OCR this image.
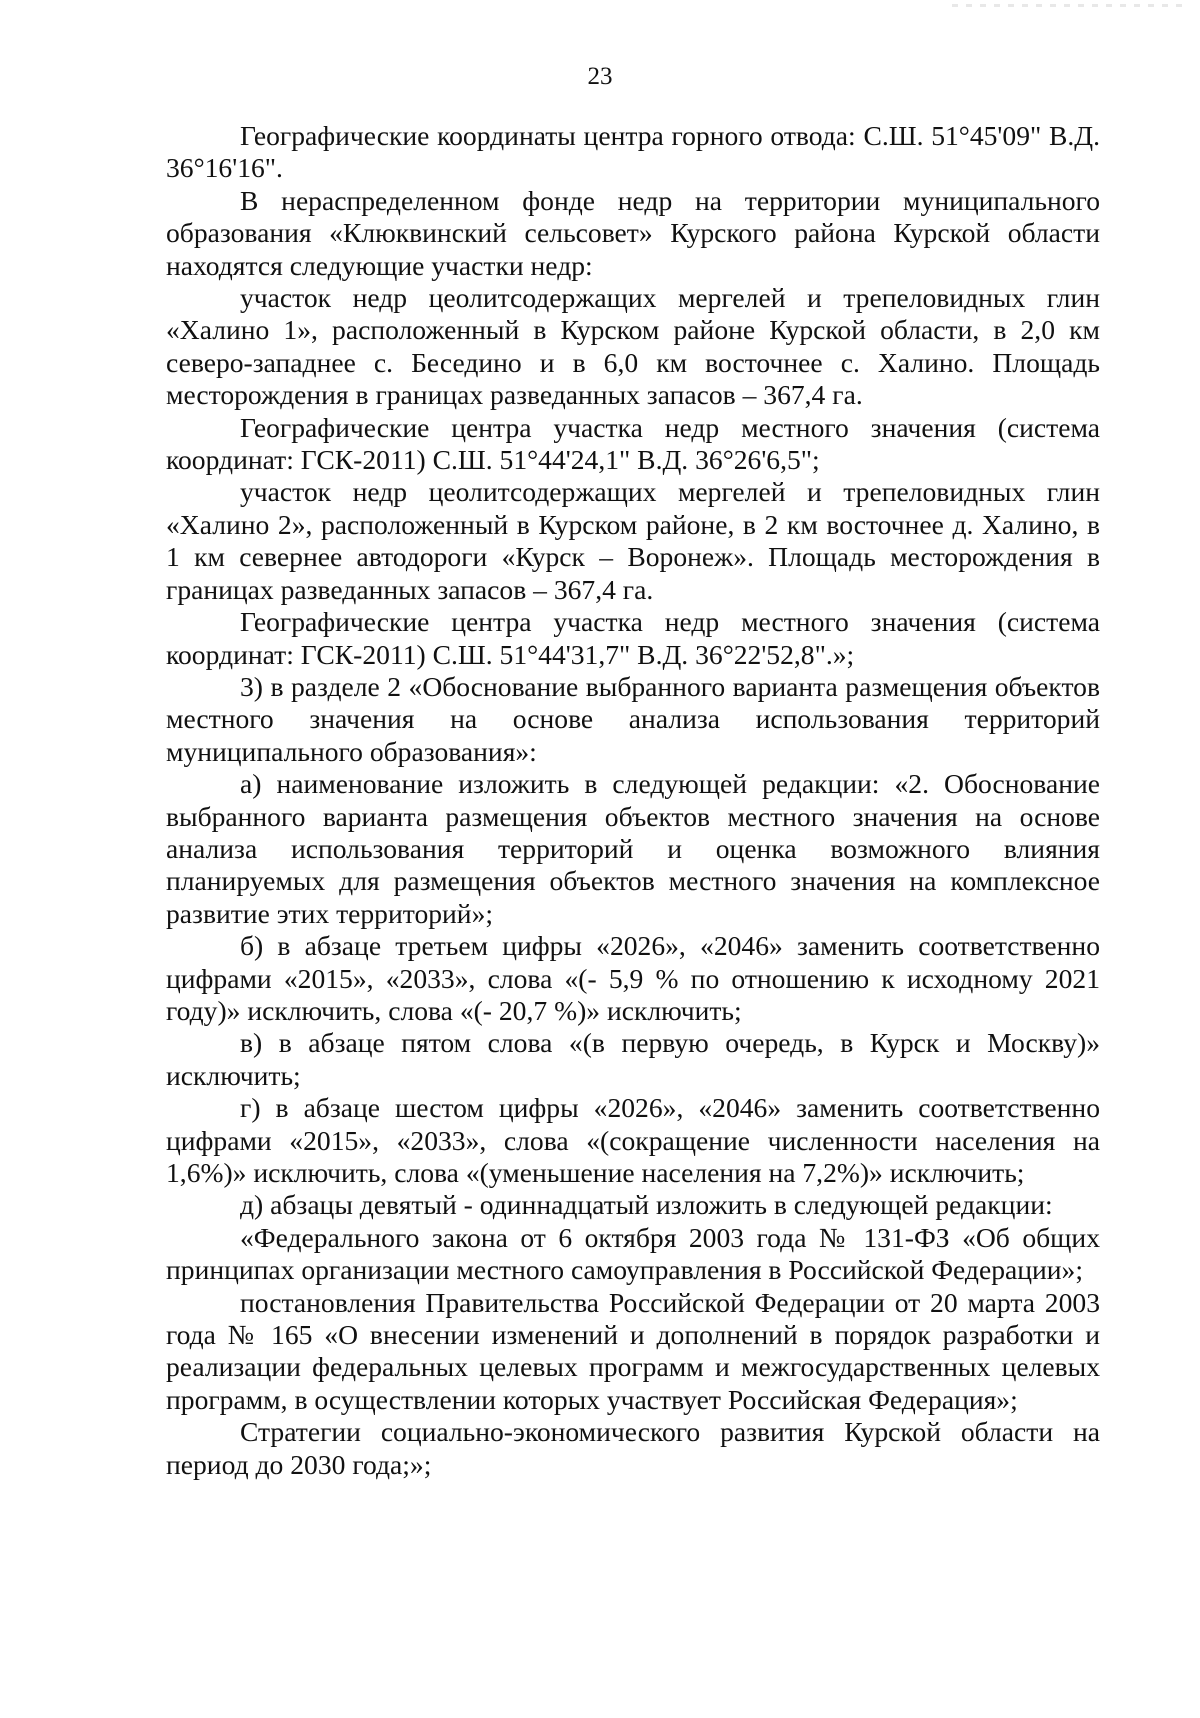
23

Географические координаты центра горного отвода: С.Ш. 51°45'09" В.Д. 36°16'16".

В нераспределенном фонде недр на территории муниципального образования «Клюквинский сельсовет» Курского района Курской области находятся следующие участки недр:

участок недр цеолитсодержащих мергелей и трепеловидных глин «Халино 1», расположенный в Курском районе Курской области, в 2,0 км северо-западнее с. Беседино и в 6,0 км восточнее с. Халино. Площадь месторождения в границах разведанных запасов – 367,4 га.

Географические центра участка недр местного значения (система координат: ГСК-2011) С.Ш. 51°44'24,1" В.Д. 36°26'6,5";

участок недр цеолитсодержащих мергелей и трепеловидных глин «Халино 2», расположенный в Курском районе, в 2 км восточнее д. Халино, в 1 км севернее автодороги «Курск – Воронеж». Площадь месторождения в границах разведанных запасов – 367,4 га.

Географические центра участка недр местного значения (система координат: ГСК-2011) С.Ш. 51°44'31,7" В.Д. 36°22'52,8".»;

3) в разделе 2 «Обоснование выбранного варианта размещения объектов местного значения на основе анализа использования территорий муниципального образования»:

а) наименование изложить в следующей редакции: «2. Обоснование выбранного варианта размещения объектов местного значения на основе анализа использования территорий и оценка возможного влияния планируемых для размещения объектов местного значения на комплексное развитие этих территорий»;

б) в абзаце третьем цифры «2026», «2046» заменить соответственно цифрами «2015», «2033», слова «(- 5,9 % по отношению к исходному 2021 году)» исключить, слова «(- 20,7 %)» исключить;

в) в абзаце пятом слова «(в первую очередь, в Курск и Москву)» исключить;

г) в абзаце шестом цифры «2026», «2046» заменить соответственно цифрами «2015», «2033», слова «(сокращение численности населения на 1,6%)» исключить, слова «(уменьшение населения на 7,2%)» исключить;

д) абзацы девятый - одиннадцатый изложить в следующей редакции:

«Федерального закона от 6 октября 2003 года № 131-ФЗ «Об общих принципах организации местного самоуправления в Российской Федерации»;

постановления Правительства Российской Федерации от 20 марта 2003 года № 165 «О внесении изменений и дополнений в порядок разработки и реализации федеральных целевых программ и межгосударственных целевых программ, в осуществлении которых участвует Российская Федерация»;

Стратегии социально-экономического развития Курской области на период до 2030 года;»;
